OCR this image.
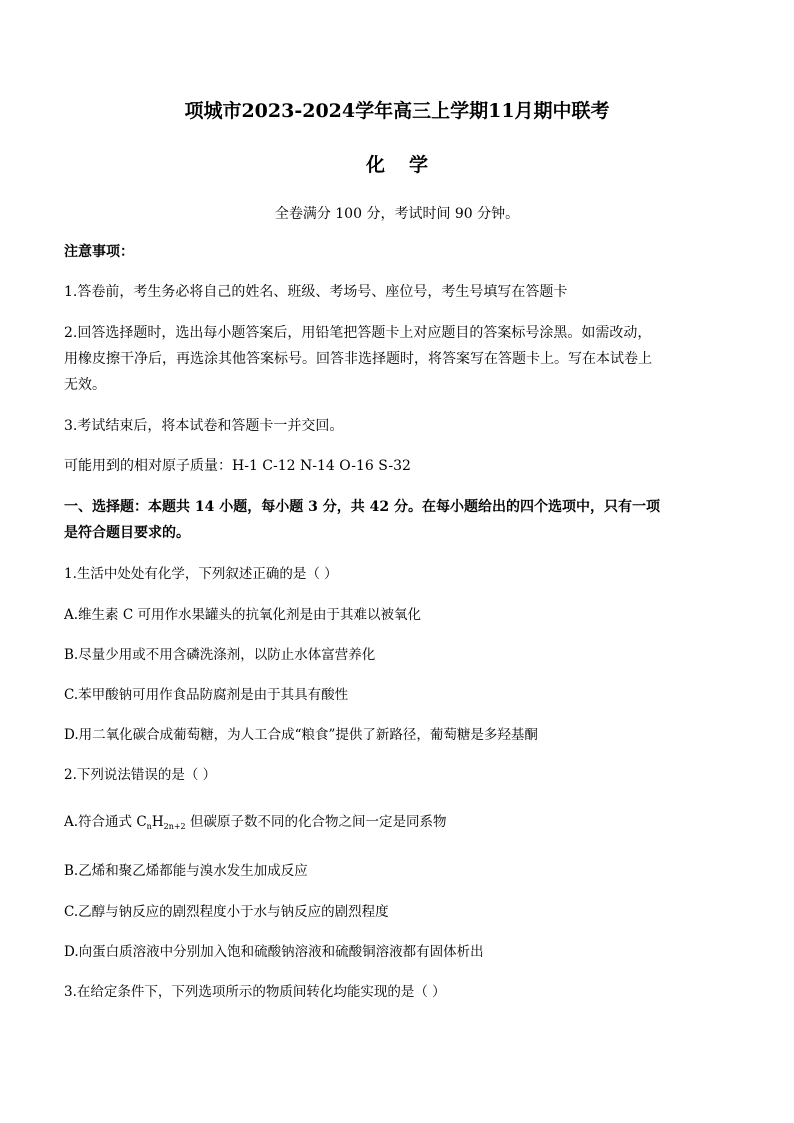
项城市2023-2024学年高三上学期11月期中联考
化学
全卷满分 100 分，考试时间 90 分钟。
注意事项：
1.答卷前，考生务必将自己的姓名、班级、考场号、座位号，考生号填写在答题卡
2.回答选择题时，选出每小题答案后，用铅笔把答题卡上对应题目的答案标号涂黑。如需改动，
用橡皮擦干净后，再选涂其他答案标号。回答非选择题时，将答案写在答题卡上。写在本试卷上
无效。
3.考试结束后，将本试卷和答题卡一并交回。
可能用到的相对原子质量：H-1 C-12 N-14 O-16 S-32
一、选择题：本题共 14 小题，每小题 3 分，共 42 分。在每小题给出的四个选项中，只有一项
是符合题目要求的。
1.生活中处处有化学，下列叙述正确的是（ ）
A.维生素 C 可用作水果罐头的抗氧化剂是由于其难以被氧化
B.尽量少用或不用含磷洗涤剂，以防止水体富营养化
C.苯甲酸钠可用作食品防腐剂是由于其具有酸性
D.用二氧化碳合成葡萄糖，为人工合成“粮食”提供了新路径，葡萄糖是多羟基酮
2.下列说法错误的是（ ）
A.符合通式 $C_nH_{2n+2}$ 但碳原子数不同的化合物之间一定是同系物
B.乙烯和聚乙烯都能与溴水发生加成反应
C.乙醇与钠反应的剧烈程度小于水与钠反应的剧烈程度
D.向蛋白质溶液中分别加入饱和硫酸钠溶液和硫酸铜溶液都有固体析出
3.在给定条件下，下列选项所示的物质间转化均能实现的是（ ）
